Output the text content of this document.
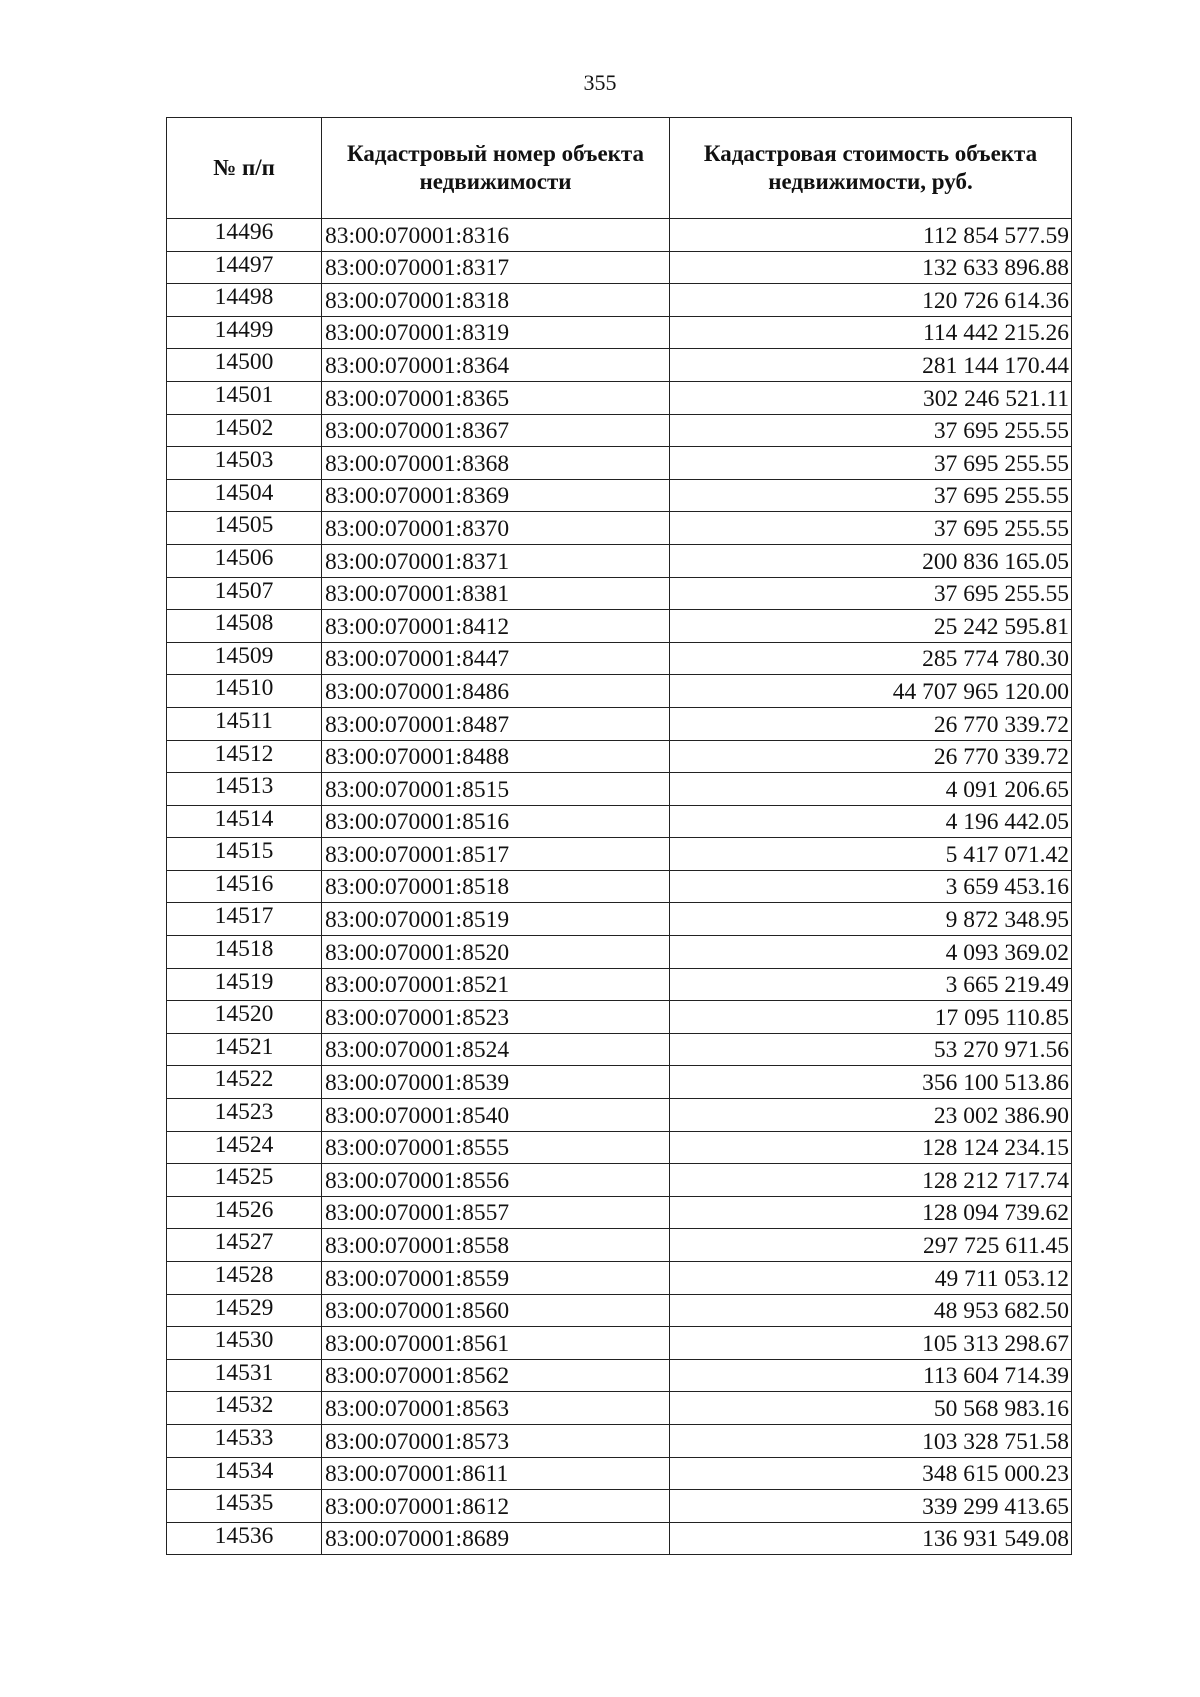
355
№ п/п	Кадастровый номер объекта недвижимости	Кадастровая стоимость объекта недвижимости, руб.
14496	83:00:070001:8316	112 854 577.59
14497	83:00:070001:8317	132 633 896.88
14498	83:00:070001:8318	120 726 614.36
14499	83:00:070001:8319	114 442 215.26
14500	83:00:070001:8364	281 144 170.44
14501	83:00:070001:8365	302 246 521.11
14502	83:00:070001:8367	37 695 255.55
14503	83:00:070001:8368	37 695 255.55
14504	83:00:070001:8369	37 695 255.55
14505	83:00:070001:8370	37 695 255.55
14506	83:00:070001:8371	200 836 165.05
14507	83:00:070001:8381	37 695 255.55
14508	83:00:070001:8412	25 242 595.81
14509	83:00:070001:8447	285 774 780.30
14510	83:00:070001:8486	44 707 965 120.00
14511	83:00:070001:8487	26 770 339.72
14512	83:00:070001:8488	26 770 339.72
14513	83:00:070001:8515	4 091 206.65
14514	83:00:070001:8516	4 196 442.05
14515	83:00:070001:8517	5 417 071.42
14516	83:00:070001:8518	3 659 453.16
14517	83:00:070001:8519	9 872 348.95
14518	83:00:070001:8520	4 093 369.02
14519	83:00:070001:8521	3 665 219.49
14520	83:00:070001:8523	17 095 110.85
14521	83:00:070001:8524	53 270 971.56
14522	83:00:070001:8539	356 100 513.86
14523	83:00:070001:8540	23 002 386.90
14524	83:00:070001:8555	128 124 234.15
14525	83:00:070001:8556	128 212 717.74
14526	83:00:070001:8557	128 094 739.62
14527	83:00:070001:8558	297 725 611.45
14528	83:00:070001:8559	49 711 053.12
14529	83:00:070001:8560	48 953 682.50
14530	83:00:070001:8561	105 313 298.67
14531	83:00:070001:8562	113 604 714.39
14532	83:00:070001:8563	50 568 983.16
14533	83:00:070001:8573	103 328 751.58
14534	83:00:070001:8611	348 615 000.23
14535	83:00:070001:8612	339 299 413.65
14536	83:00:070001:8689	136 931 549.08
